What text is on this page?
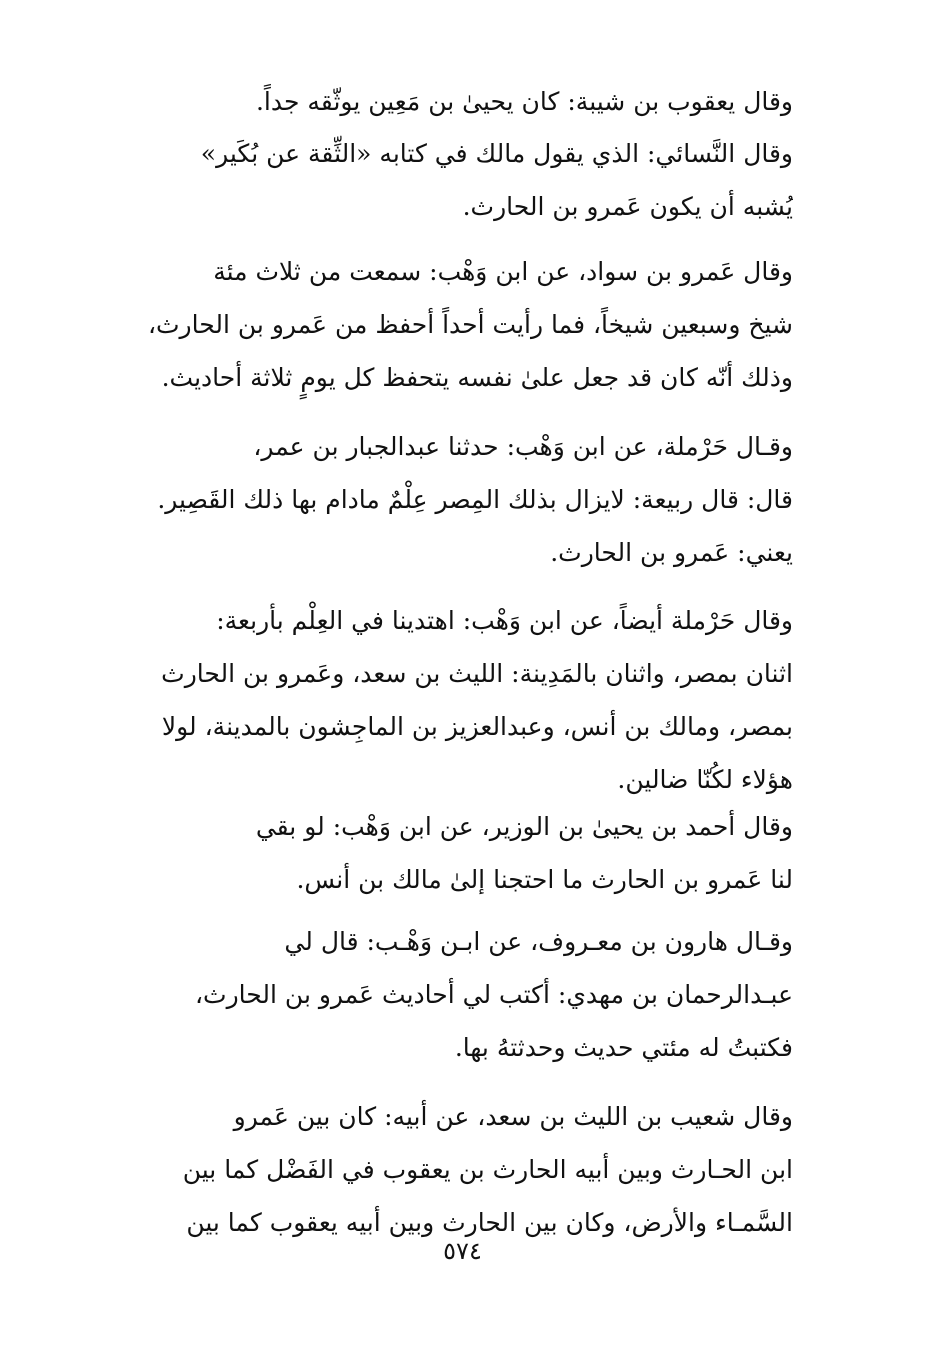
وقال يعقوب بن شيبة: كان يحيىٰ بن مَعِين يوثّقه جداً.
وقال النَّسائي: الذي يقول مالك في كتابه «الثِّقة عن بُكَير»
يُشبه أن يكون عَمرو بن الحارث.
وقال عَمرو بن سواد، عن ابن وَهْب: سمعت من ثلاث مئة
شيخ وسبعين شيخاً، فما رأيت أحداً أحفظ من عَمرو بن الحارث،
وذلك أنّه كان قد جعل علىٰ نفسه يتحفظ كل يومٍ ثلاثة أحاديث.
وقـال حَرْملة، عن ابن وَهْب: حدثنا عبدالجبار بن عمر،
قال: قال ربيعة: لايزال بذلك المِصر عِلْمٌ مادام بها ذلك القَصِير.
يعني: عَمرو بن الحارث.
وقال حَرْملة أيضاً، عن ابن وَهْب: اهتدينا في العِلْم بأربعة:
اثنان بمصر، واثنان بالمَدِينة: الليث بن سعد، وعَمرو بن الحارث
بمصر، ومالك بن أنس، وعبدالعزيز بن الماجِشون بالمدينة، لولا
هؤلاء لكُنّا ضالين.
وقال أحمد بن يحيىٰ بن الوزير، عن ابن وَهْب: لو بقي
لنا عَمرو بن الحارث ما احتجنا إلىٰ مالك بن أنس.
وقـال هارون بن معـروف، عن ابـن وَهْـب: قال لي
عبـدالرحمان بن مهدي: أكتب لي أحاديث عَمرو بن الحارث،
فكتبتُ له مئتي حديث وحدثتهُ بها.
وقال شعيب بن الليث بن سعد، عن أبيه: كان بين عَمرو
ابن الحـارث وبين أبيه الحارث بن يعقوب في الفَضْل كما بين
السَّمـاء والأرض، وكان بين الحارث وبين أبيه يعقوب كما بين
٥٧٤
